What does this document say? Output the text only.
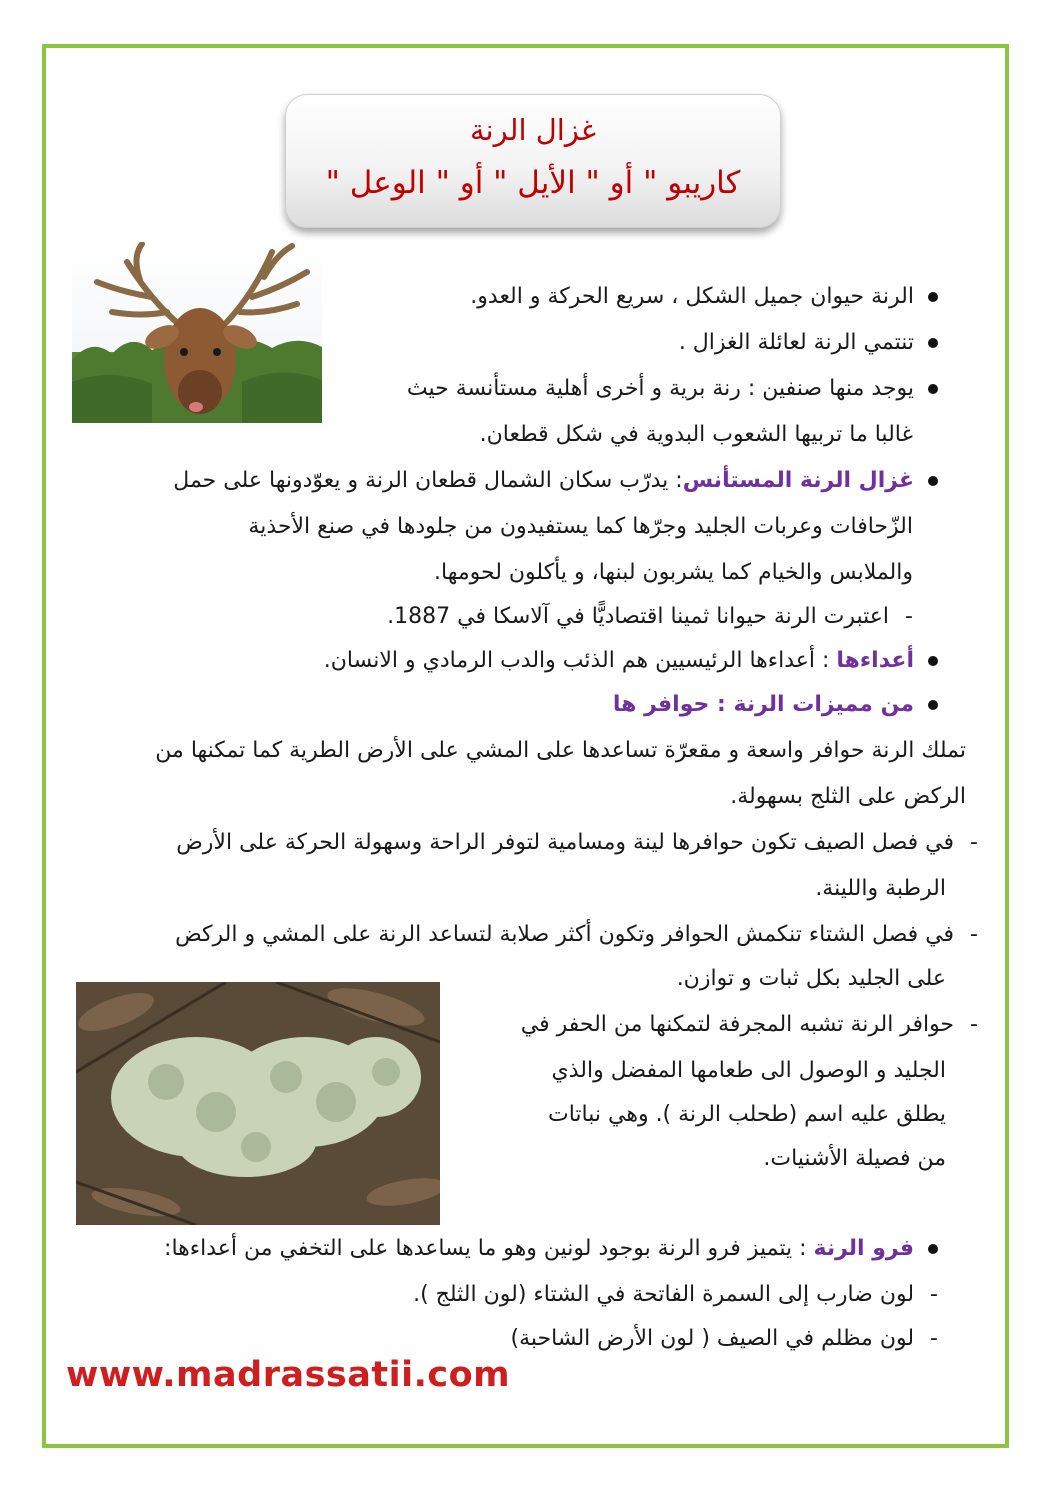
غزال الرنة
كاريبو " أو " الأيل " أو " الوعل "
الرنة حيوان جميل الشكل ، سريع الحركة و العدو.
تنتمي الرنة لعائلة الغزال .
يوجد منها صنفين : رنة برية و أخرى أهلية مستأنسة حيث
غالبا ما تربيها الشعوب البدوية في شكل قطعان.
غزال الرنة المستأنس: يدرّب سكان الشمال قطعان الرنة و يعوّدونها على حمل
الزّحافات وعربات الجليد وجرّها كما يستفيدون من جلودها في صنع الأحذية
والملابس والخيام كما يشربون لبنها، و يأكلون لحومها.
-اعتبرت الرنة حيوانا ثمينا اقتصاديًّا في آلاسكا في 1887.
أعداءها : أعداءها الرئيسيين هم الذئب والدب الرمادي و الانسان.
من مميزات الرنة : حوافر ها
تملك الرنة حوافر واسعة و مقعرّة تساعدها على المشي على الأرض الطرية كما تمكنها من
الركض على الثلج بسهولة.
-في فصل الصيف تكون حوافرها لينة ومسامية لتوفر الراحة وسهولة الحركة على الأرض
الرطبة واللينة.
-في فصل الشتاء تنكمش الحوافر وتكون أكثر صلابة لتساعد الرنة على المشي و الركض
على الجليد بكل ثبات و توازن.
-حوافر الرنة تشبه المجرفة لتمكنها من الحفر في
الجليد و الوصول الى طعامها المفضل والذي
يطلق عليه اسم (طحلب الرنة ). وهي نباتات
من فصيلة الأشنيات.
فرو الرنة : يتميز فرو الرنة بوجود لونين وهو ما يساعدها على التخفي من أعداءها:
-لون ضارب إلى السمرة الفاتحة في الشتاء (لون الثلج ).
-لون مظلم في الصيف ( لون الأرض الشاحبة)
www.madrassatii.com
